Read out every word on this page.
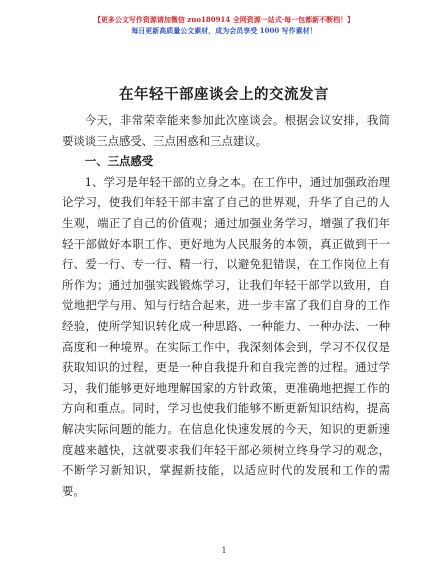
【更多公文写作资源请加微信 zuo180914 全网资源一站式·每一包都新不断档！】
每日更新高质量公文素材，成为会员享受 1000 写作素材！
在年轻干部座谈会上的交流发言

今天，非常荣幸能来参加此次座谈会。根据会议安排，我简要谈谈三点感受、三点困惑和三点建议。

一、三点感受

1、学习是年轻干部的立身之本。在工作中，通过加强政治理论学习，使我们年轻干部丰富了自己的世界观，升华了自己的人生观，端正了自己的价值观；通过加强业务学习，增强了我们年轻干部做好本职工作、更好地为人民服务的本领，真正做到干一行、爱一行、专一行、精一行，以避免犯错误，在工作岗位上有所作为；通过加强实践锻炼学习，让我们年轻干部学以致用，自觉地把学与用、知与行结合起来，进一步丰富了我们自身的工作经验，使所学知识转化成一种思路、一种能力、一种办法、一种高度和一种境界。在实际工作中，我深刻体会到，学习不仅仅是获取知识的过程，更是一种自我提升和自我完善的过程。通过学习，我们能够更好地理解国家的方针政策，更准确地把握工作的方向和重点。同时，学习也使我们能够不断更新知识结构，提高解决实际问题的能力。在信息化快速发展的今天，知识的更新速度越来越快，这就要求我们年轻干部必须树立终身学习的观念，不断学习新知识，掌握新技能，以适应时代的发展和工作的需要。

1
